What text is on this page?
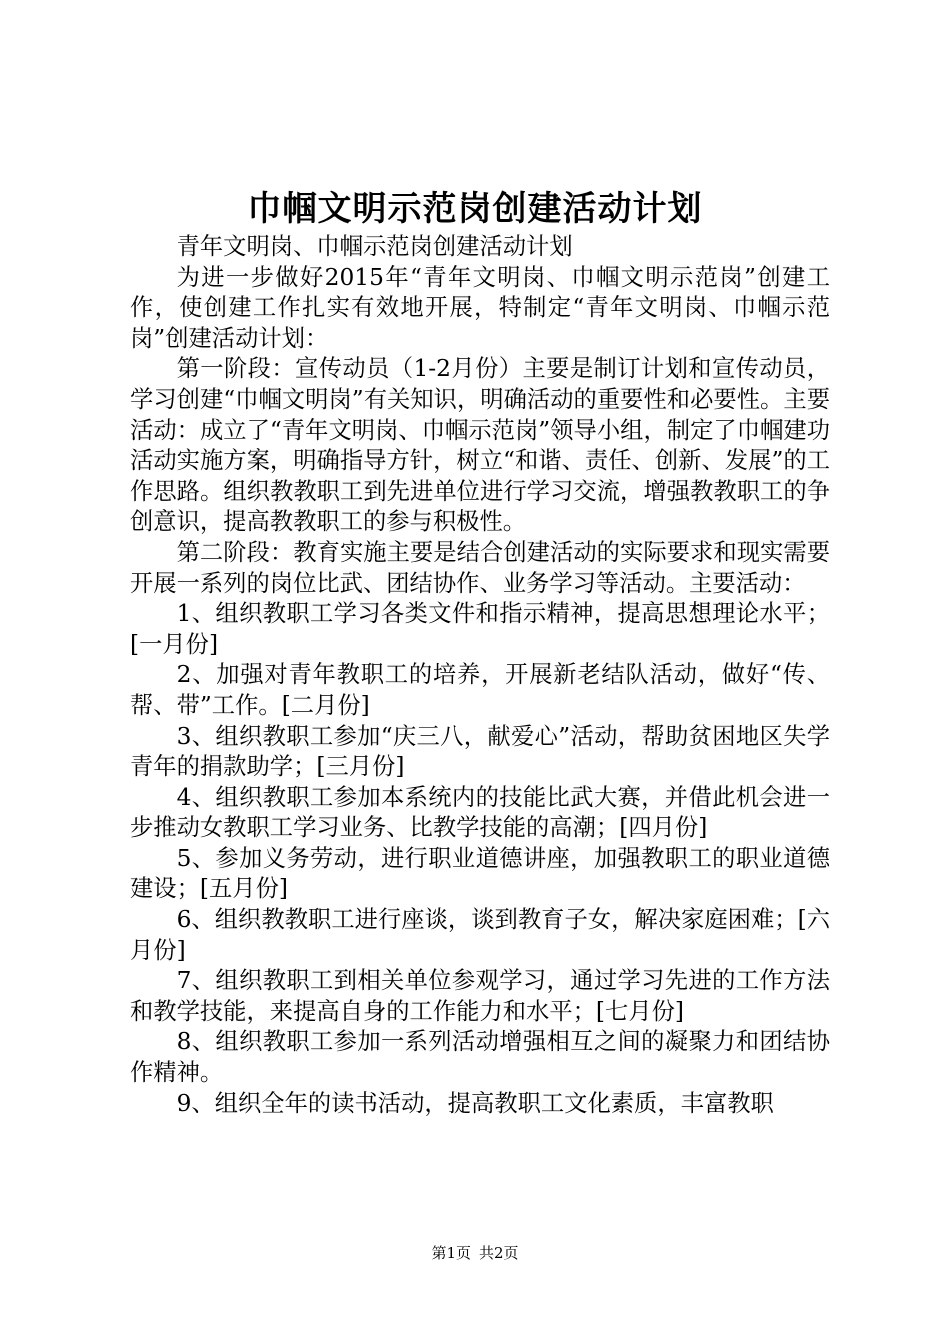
巾帼文明示范岗创建活动计划

青年文明岗、巾帼示范岗创建活动计划

为进一步做好2015年“青年文明岗、巾帼文明示范岗”创建工作，使创建工作扎实有效地开展，特制定“青年文明岗、巾帼示范岗”创建活动计划：

第一阶段：宣传动员（1-2月份）主要是制订计划和宣传动员，学习创建“巾帼文明岗”有关知识，明确活动的重要性和必要性。主要活动：成立了“青年文明岗、巾帼示范岗”领导小组，制定了巾帼建功活动实施方案，明确指导方针，树立“和谐、责任、创新、发展”的工作思路。组织教教职工到先进单位进行学习交流，增强教教职工的争创意识，提高教教职工的参与积极性。

第二阶段：教育实施主要是结合创建活动的实际要求和现实需要开展一系列的岗位比武、团结协作、业务学习等活动。主要活动：

1、组织教职工学习各类文件和指示精神，提高思想理论水平；[一月份]

2、加强对青年教职工的培养，开展新老结队活动，做好“传、帮、带”工作。[二月份]

3、组织教职工参加“庆三八，献爱心”活动，帮助贫困地区失学青年的捐款助学；[三月份]

4、组织教职工参加本系统内的技能比武大赛，并借此机会进一步推动女教职工学习业务、比教学技能的高潮；[四月份]

5、参加义务劳动，进行职业道德讲座，加强教职工的职业道德建设；[五月份]

6、组织教教职工进行座谈，谈到教育子女，解决家庭困难；[六月份]

7、组织教职工到相关单位参观学习，通过学习先进的工作方法和教学技能，来提高自身的工作能力和水平；[七月份]

8、组织教职工参加一系列活动增强相互之间的凝聚力和团结协作精神。

9、组织全年的读书活动，提高教职工文化素质，丰富教职

第1页 共2页
